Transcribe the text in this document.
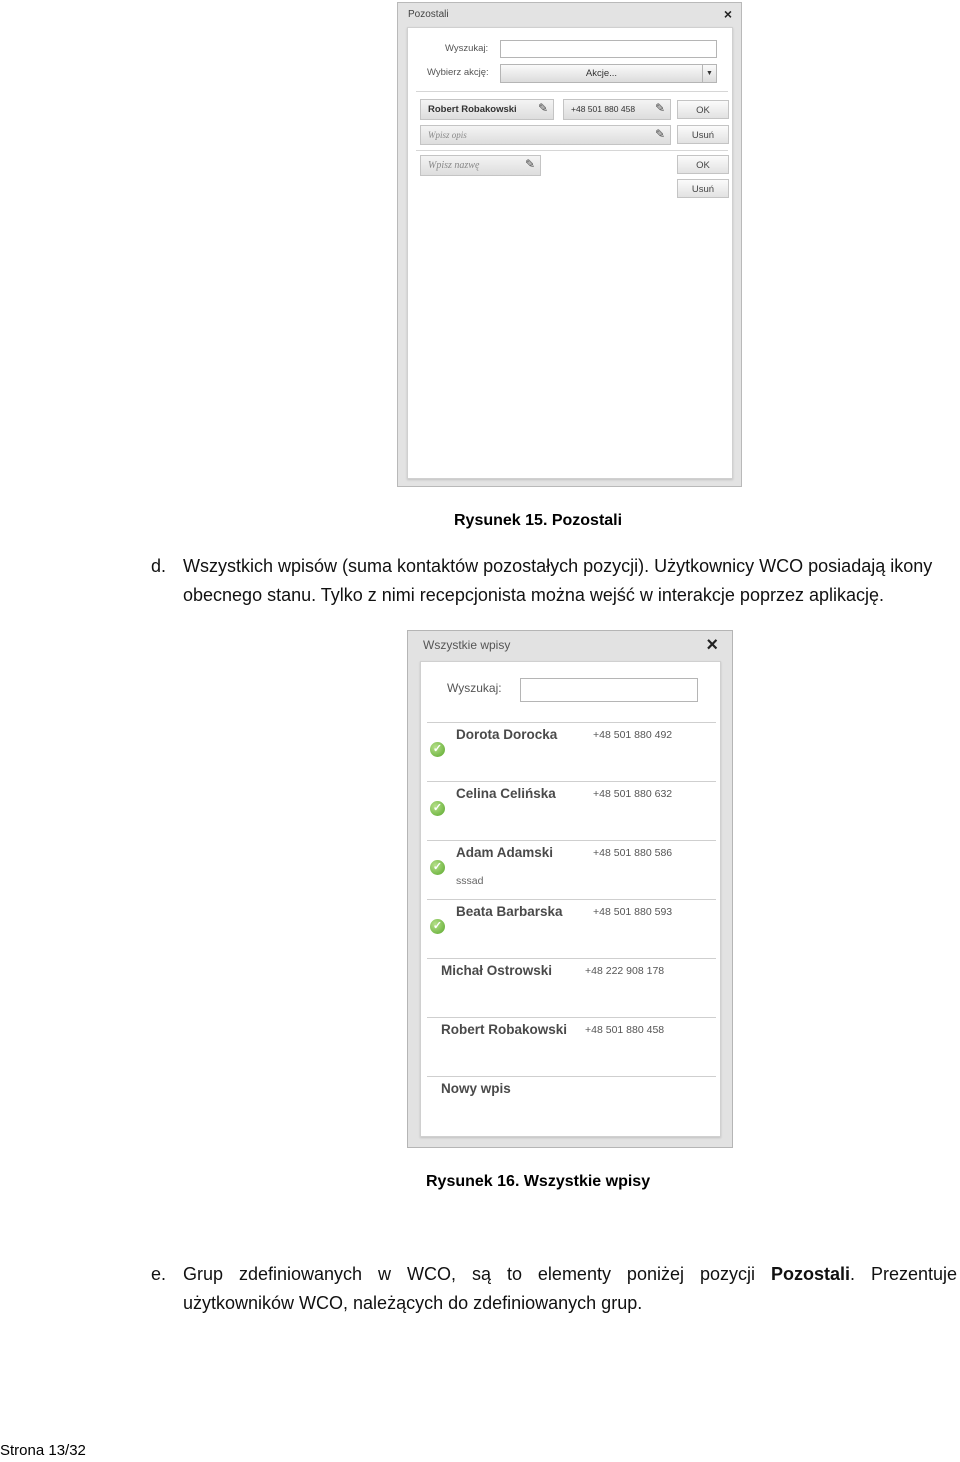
Pozostali	×
Wyszukaj:
Wybierz akcję:	Akcje...	▼
Robert Robakowski ✎	+48 501 880 458 ✎	OK
Wpisz opis	✎	Usuń
Wpisz nazwę	✎	OK
Usuń
Rysunek 15. Pozostali
d. Wszystkich wpisów (suma kontaktów pozostałych pozycji). Użytkownicy WCO posiadają ikony
obecnego stanu. Tylko z nimi recepcjonista można wejść w interakcje poprzez aplikację.
Wszystkie wpisy	×
Wyszukaj:
Dorota Dorocka	+48 501 880 492
✓
Celina Celińska	+48 501 880 632
✓
Adam Adamski	+48 501 880 586
✓
sssad
Beata Barbarska	+48 501 880 593
✓
Michał Ostrowski	+48 222 908 178
Robert Robakowski +48 501 880 458
Nowy wpis
Rysunek 16. Wszystkie wpisy
e. Grup zdefiniowanych w WCO, są to elementy poniżej pozycji Pozostali. Prezentuje
użytkowników WCO, należących do zdefiniowanych grup.
Strona 13/32
